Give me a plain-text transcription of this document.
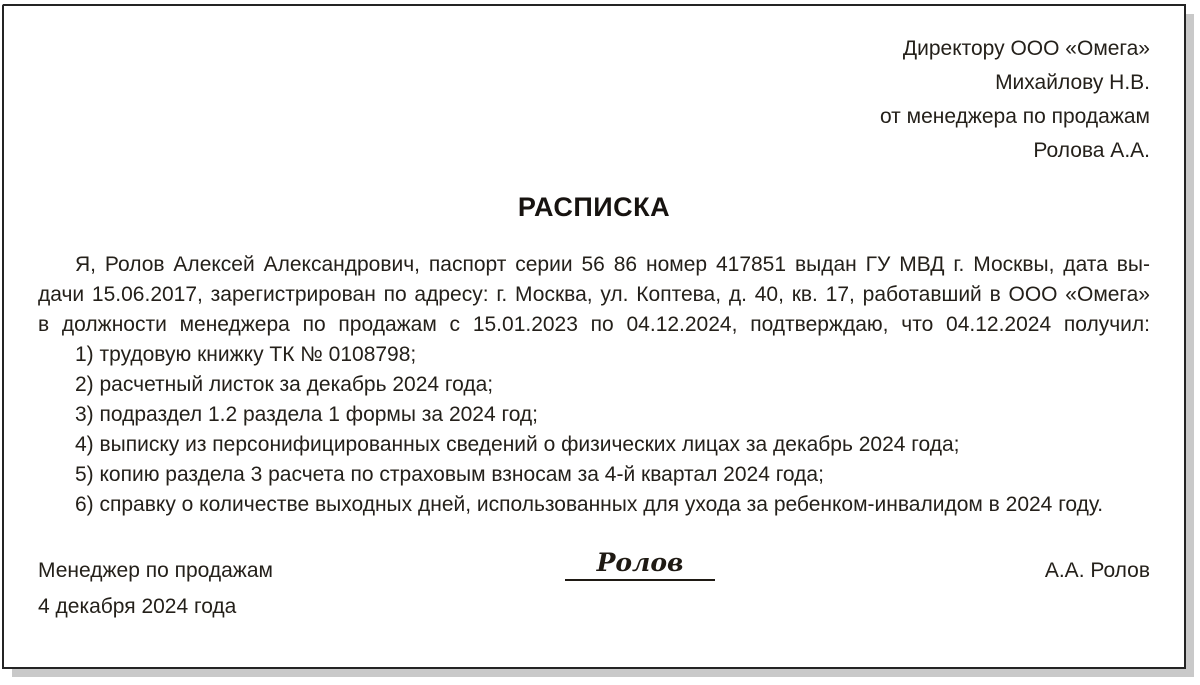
Директору ООО «Омега»
Михайлову Н.В.
от менеджера по продажам
Ролова А.А.
РАСПИСКА
Я, Ролов Алексей Александрович, паспорт серии 56 86 номер 417851 выдан ГУ МВД г. Москвы, дата вы-
дачи 15.06.2017, зарегистрирован по адресу: г. Москва, ул. Коптева, д. 40, кв. 17, работавший в ООО «Омега»
в должности менеджера по продажам с 15.01.2023 по 04.12.2024, подтверждаю, что 04.12.2024 получил:
1) трудовую книжку ТК № 0108798;
2) расчетный листок за декабрь 2024 года;
3) подраздел 1.2 раздела 1 формы за 2024 год;
4) выписку из персонифицированных сведений о физических лицах за декабрь 2024 года;
5) копию раздела 3 расчета по страховым взносам за 4-й квартал 2024 года;
6) справку о количестве выходных дней, использованных для ухода за ребенком-инвалидом в 2024 году.
Менеджер по продажам
4 декабря 2024 года
Ролов	А.А. Ролов
